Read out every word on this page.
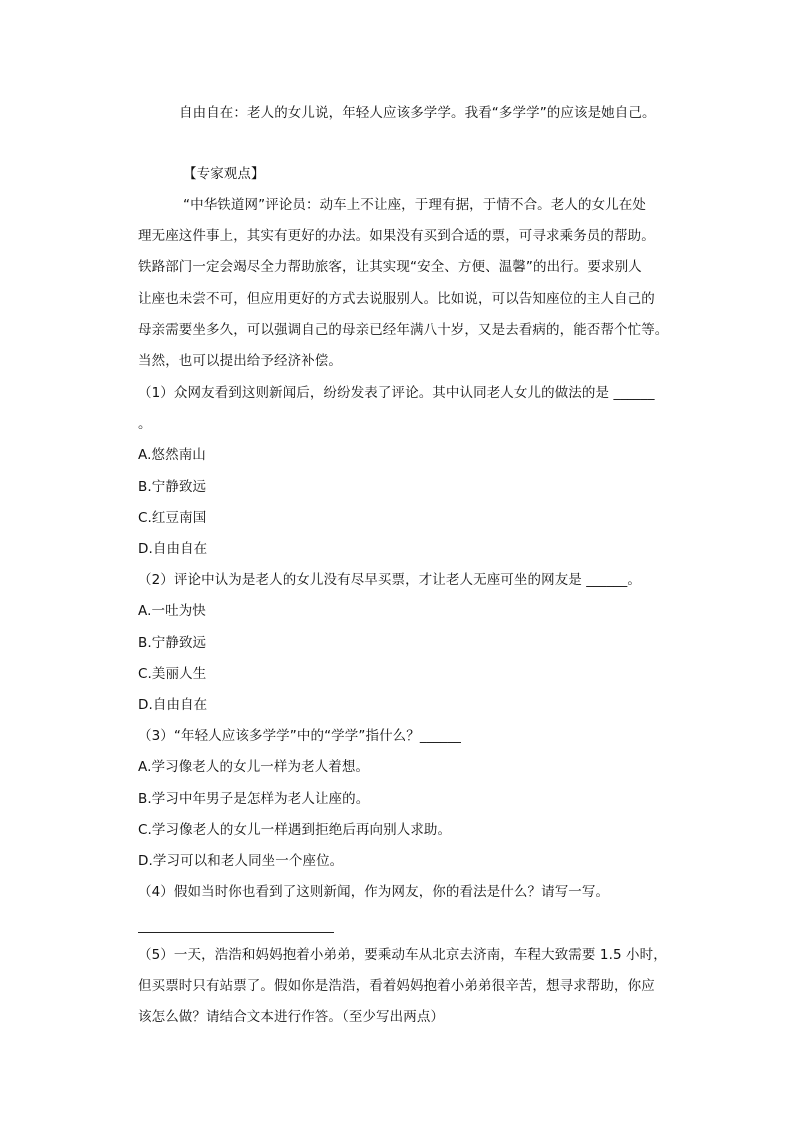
自由自在：老人的女儿说，年轻人应该多学学。我看“多学学”的应该是她自己。
【专家观点】
“中华铁道网”评论员：动车上不让座，于理有据，于情不合。老人的女儿在处
理无座这件事上，其实有更好的办法。如果没有买到合适的票，可寻求乘务员的帮助。
铁路部门一定会竭尽全力帮助旅客，让其实现“安全、方便、温馨”的出行。要求别人
让座也未尝不可，但应用更好的方式去说服别人。比如说，可以告知座位的主人自己的
母亲需要坐多久，可以强调自己的母亲已经年满八十岁，又是去看病的，能否帮个忙等。
当然，也可以提出给予经济补偿。
（1）众网友看到这则新闻后，纷纷发表了评论。其中认同老人女儿的做法的是 ______
。
A.悠然南山
B.宁静致远
C.红豆南国
D.自由自在
（2）评论中认为是老人的女儿没有尽早买票，才让老人无座可坐的网友是 ______。
A.一吐为快
B.宁静致远
C.美丽人生
D.自由自在
（3）“年轻人应该多学学”中的“学学”指什么？______
A.学习像老人的女儿一样为老人着想。
B.学习中年男子是怎样为老人让座的。
C.学习像老人的女儿一样遇到拒绝后再向别人求助。
D.学习可以和老人同坐一个座位。
（4）假如当时你也看到了这则新闻，作为网友，你的看法是什么？请写一写。
（5）一天，浩浩和妈妈抱着小弟弟，要乘动车从北京去济南，车程大致需要 1.5 小时，
但买票时只有站票了。假如你是浩浩，看着妈妈抱着小弟弟很辛苦，想寻求帮助，你应
该怎么做？请结合文本进行作答。（至少写出两点）
